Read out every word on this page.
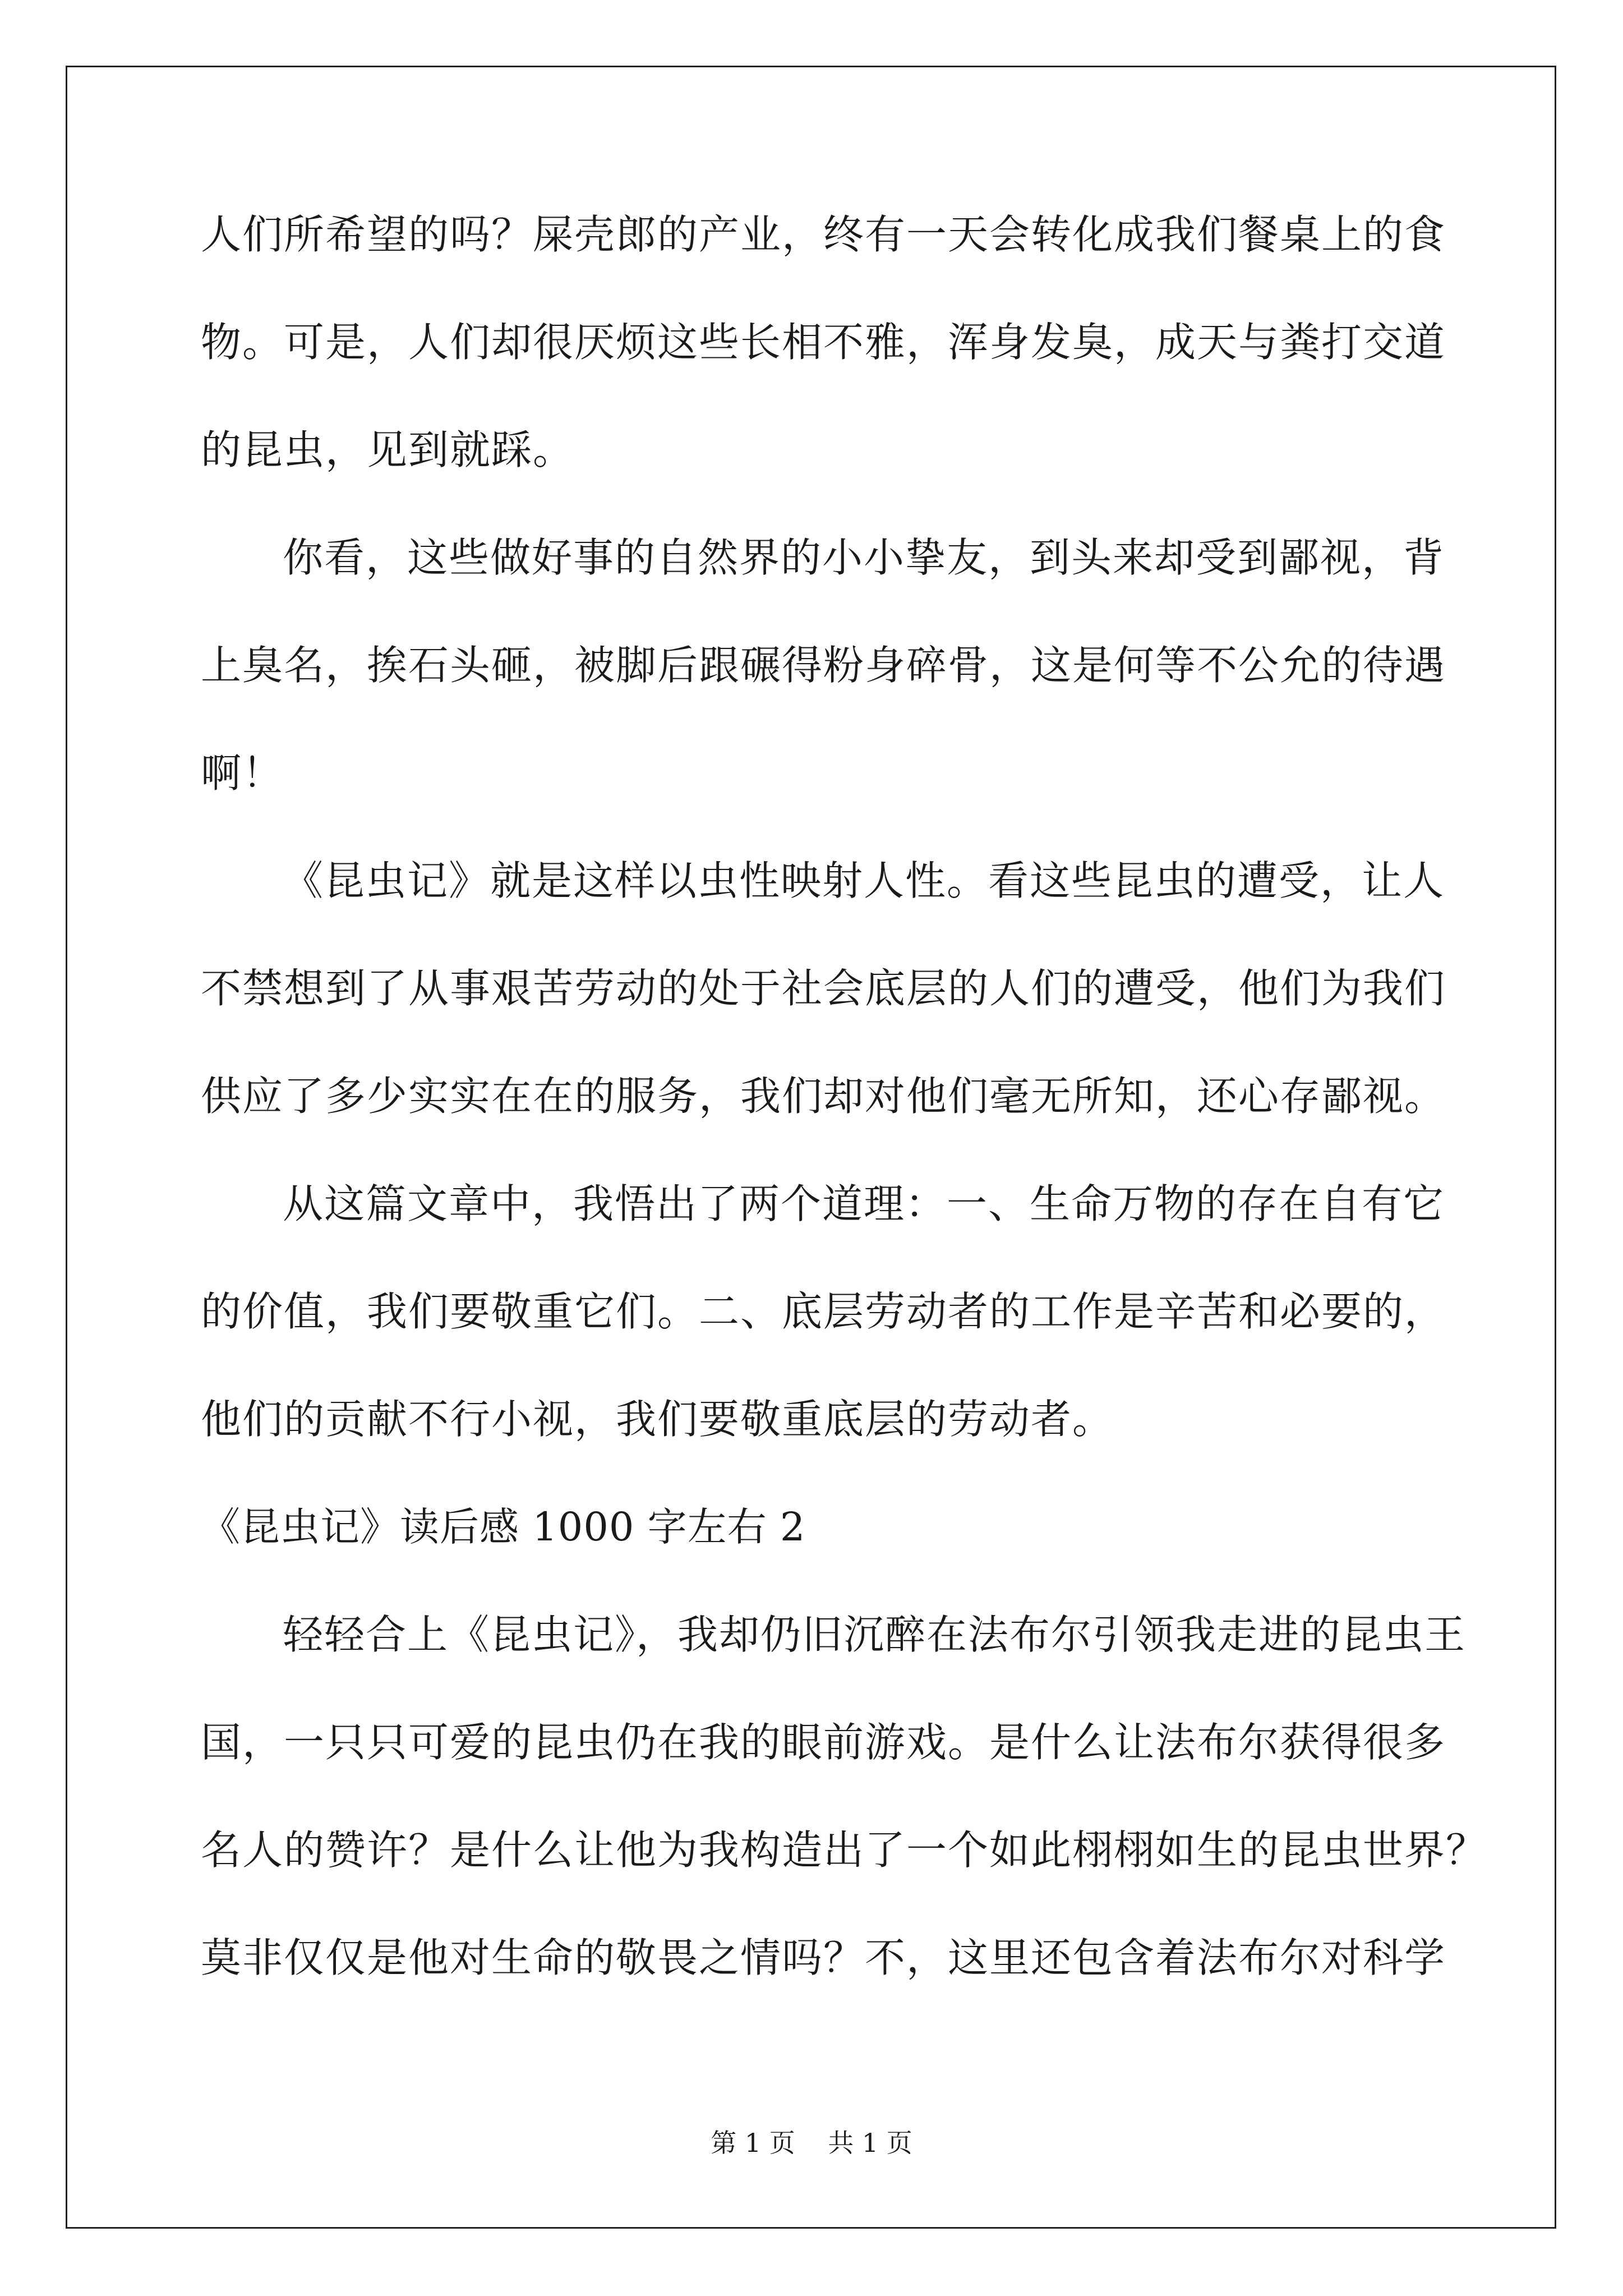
人们所希望的吗？屎壳郎的产业，终有一天会转化成我们餐桌上的食
物。可是，人们却很厌烦这些长相不雅，浑身发臭，成天与粪打交道
的昆虫，见到就踩。
你看，这些做好事的自然界的小小挚友，到头来却受到鄙视，背
上臭名，挨石头砸，被脚后跟碾得粉身碎骨，这是何等不公允的待遇
啊！
《昆虫记》就是这样以虫性映射人性。看这些昆虫的遭受，让人
不禁想到了从事艰苦劳动的处于社会底层的人们的遭受，他们为我们
供应了多少实实在在的服务，我们却对他们毫无所知，还心存鄙视。
从这篇文章中，我悟出了两个道理：一、生命万物的存在自有它
的价值，我们要敬重它们。二、底层劳动者的工作是辛苦和必要的，
他们的贡献不行小视，我们要敬重底层的劳动者。
《昆虫记》读后感 1000 字左右 2
轻轻合上《昆虫记》，我却仍旧沉醉在法布尔引领我走进的昆虫王
国，一只只可爱的昆虫仍在我的眼前游戏。是什么让法布尔获得很多
名人的赞许？是什么让他为我构造出了一个如此栩栩如生的昆虫世界？
莫非仅仅是他对生命的敬畏之情吗？不，这里还包含着法布尔对科学
第 1 页    共 1 页
